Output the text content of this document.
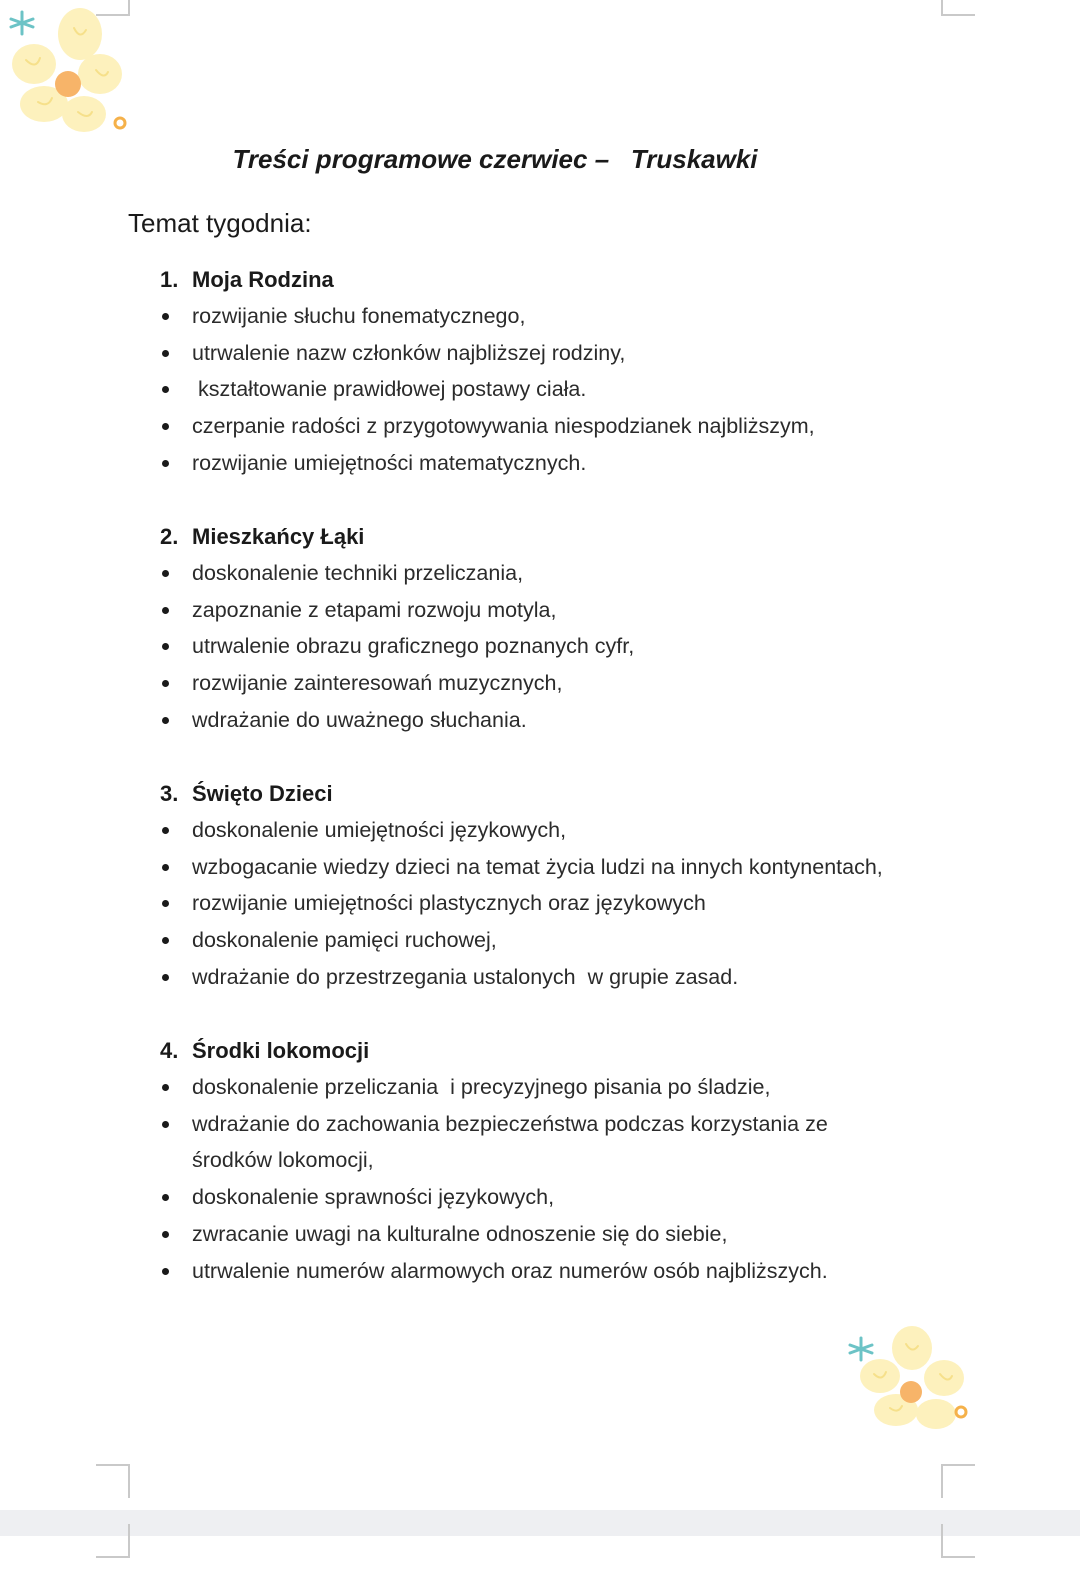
Treści programowe czerwiec –   Truskawki
Temat tygodnia:
1. Moja Rodzina
rozwijanie słuchu fonematycznego,
utrwalenie nazw członków najbliższej rodziny,
kształtowanie prawidłowej postawy ciała.
czerpanie radości z przygotowywania niespodzianek najbliższym,
rozwijanie umiejętności matematycznych.
2. Mieszkańcy Łąki
doskonalenie techniki przeliczania,
zapoznanie z etapami rozwoju motyla,
utrwalenie obrazu graficznego poznanych cyfr,
rozwijanie zainteresowań muzycznych,
wdrażanie do uważnego słuchania.
3. Święto Dzieci
doskonalenie umiejętności językowych,
wzbogacanie wiedzy dzieci na temat życia ludzi na innych kontynentach,
rozwijanie umiejętności plastycznych oraz językowych
doskonalenie pamięci ruchowej,
wdrażanie do przestrzegania ustalonych  w grupie zasad.
4. Środki lokomocji
doskonalenie przeliczania  i precyzyjnego pisania po śladzie,
wdrażanie do zachowania bezpieczeństwa podczas korzystania ze środków lokomocji,
doskonalenie sprawności językowych,
zwracanie uwagi na kulturalne odnoszenie się do siebie,
utrwalenie numerów alarmowych oraz numerów osób najbliższych.
